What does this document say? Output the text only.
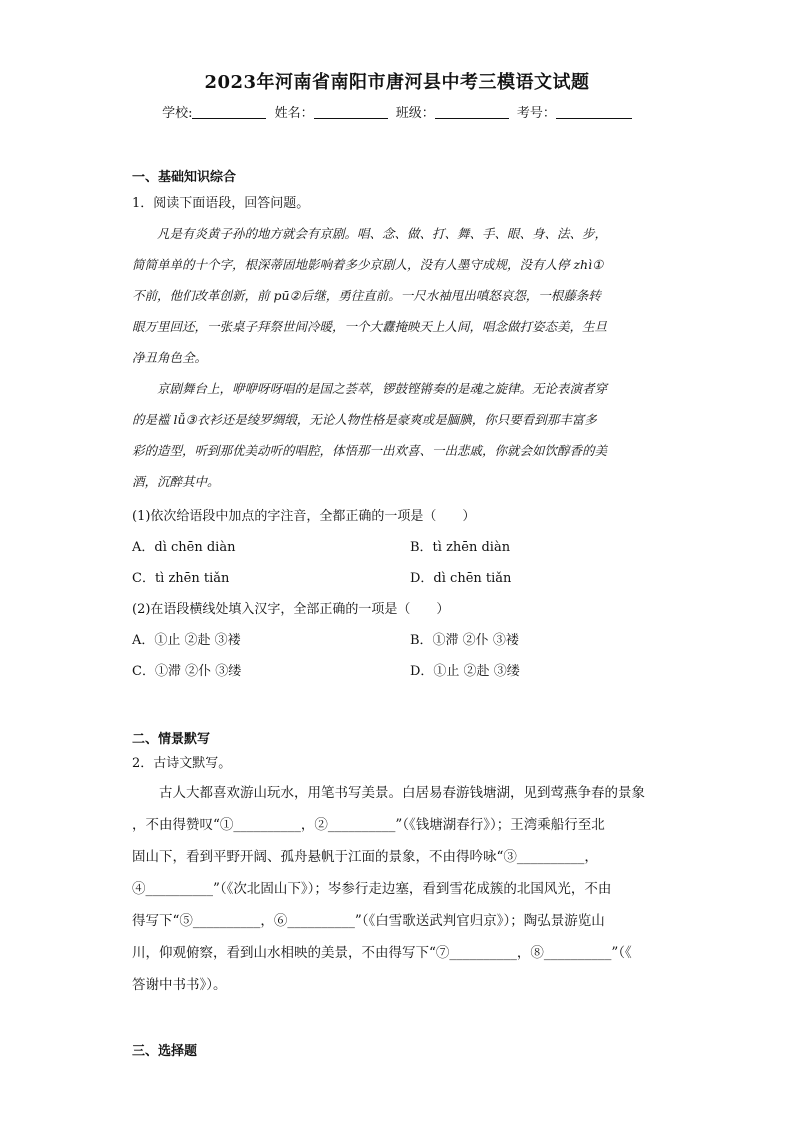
2023年河南省南阳市唐河县中考三模语文试题
学校:	姓名：	班级：	考号：
一、基础知识综合
1．阅读下面语段，回答问题。

凡是有炎黄子孙的地方就会有京剧。唱、念、做、打、舞、手、眼、身、法、步，

简简单单的十个字，根深蒂固地影响着多少京剧人，没有人墨守成规，没有人停 zhì①

不前，他们改革创新，前 pū②后继，勇往直前。一尺水袖甩出嗔怒哀怨，一根藤条转

眼万里回还，一张桌子拜祭世间冷暖，一个大纛掩映天上人间，唱念做打姿态美，生旦

净丑角色全。

京剧舞台上，咿咿呀呀唱的是国之荟萃，锣鼓铿锵奏的是魂之旋律。无论表演者穿

的是褴 lǚ③衣衫还是绫罗绸缎，无论人物性格是豪爽或是腼腆，你只要看到那丰富多

彩的造型，听到那优美动听的唱腔，体悟那一出欢喜、一出悲戚，你就会如饮醇香的美

酒，沉醉其中。

(1)依次给语段中加点的字注音，全都正确的一项是（　　）
A．dì chēn diàn	B．tì zhēn diàn
C．tì zhēn tiǎn	D．dì chēn tiǎn
(2)在语段横线处填入汉字，全部正确的一项是（　　）
A．①止 ②赴 ③褛	B．①滞 ②仆 ③褛
C．①滞 ②仆 ③缕	D．①止 ②赴 ③缕
二、情景默写
2．古诗文默写。

古人大都喜欢游山玩水，用笔书写美景。白居易春游钱塘湖，见到莺燕争春的景象

，不由得赞叹“①__________，②__________”（《钱塘湖春行》）；王湾乘船行至北
固山下，看到平野开阔、孤舟悬帆于江面的景象，不由得吟咏“③__________，
④__________”（《次北固山下》）；岑参行走边塞，看到雪花成簇的北国风光，不由
得写下“⑤__________，⑥__________”（《白雪歌送武判官归京》）；陶弘景游览山
川，仰观俯察，看到山水相映的美景，不由得写下“⑦__________，⑧__________”（《
答谢中书书》）。
三、选择题
